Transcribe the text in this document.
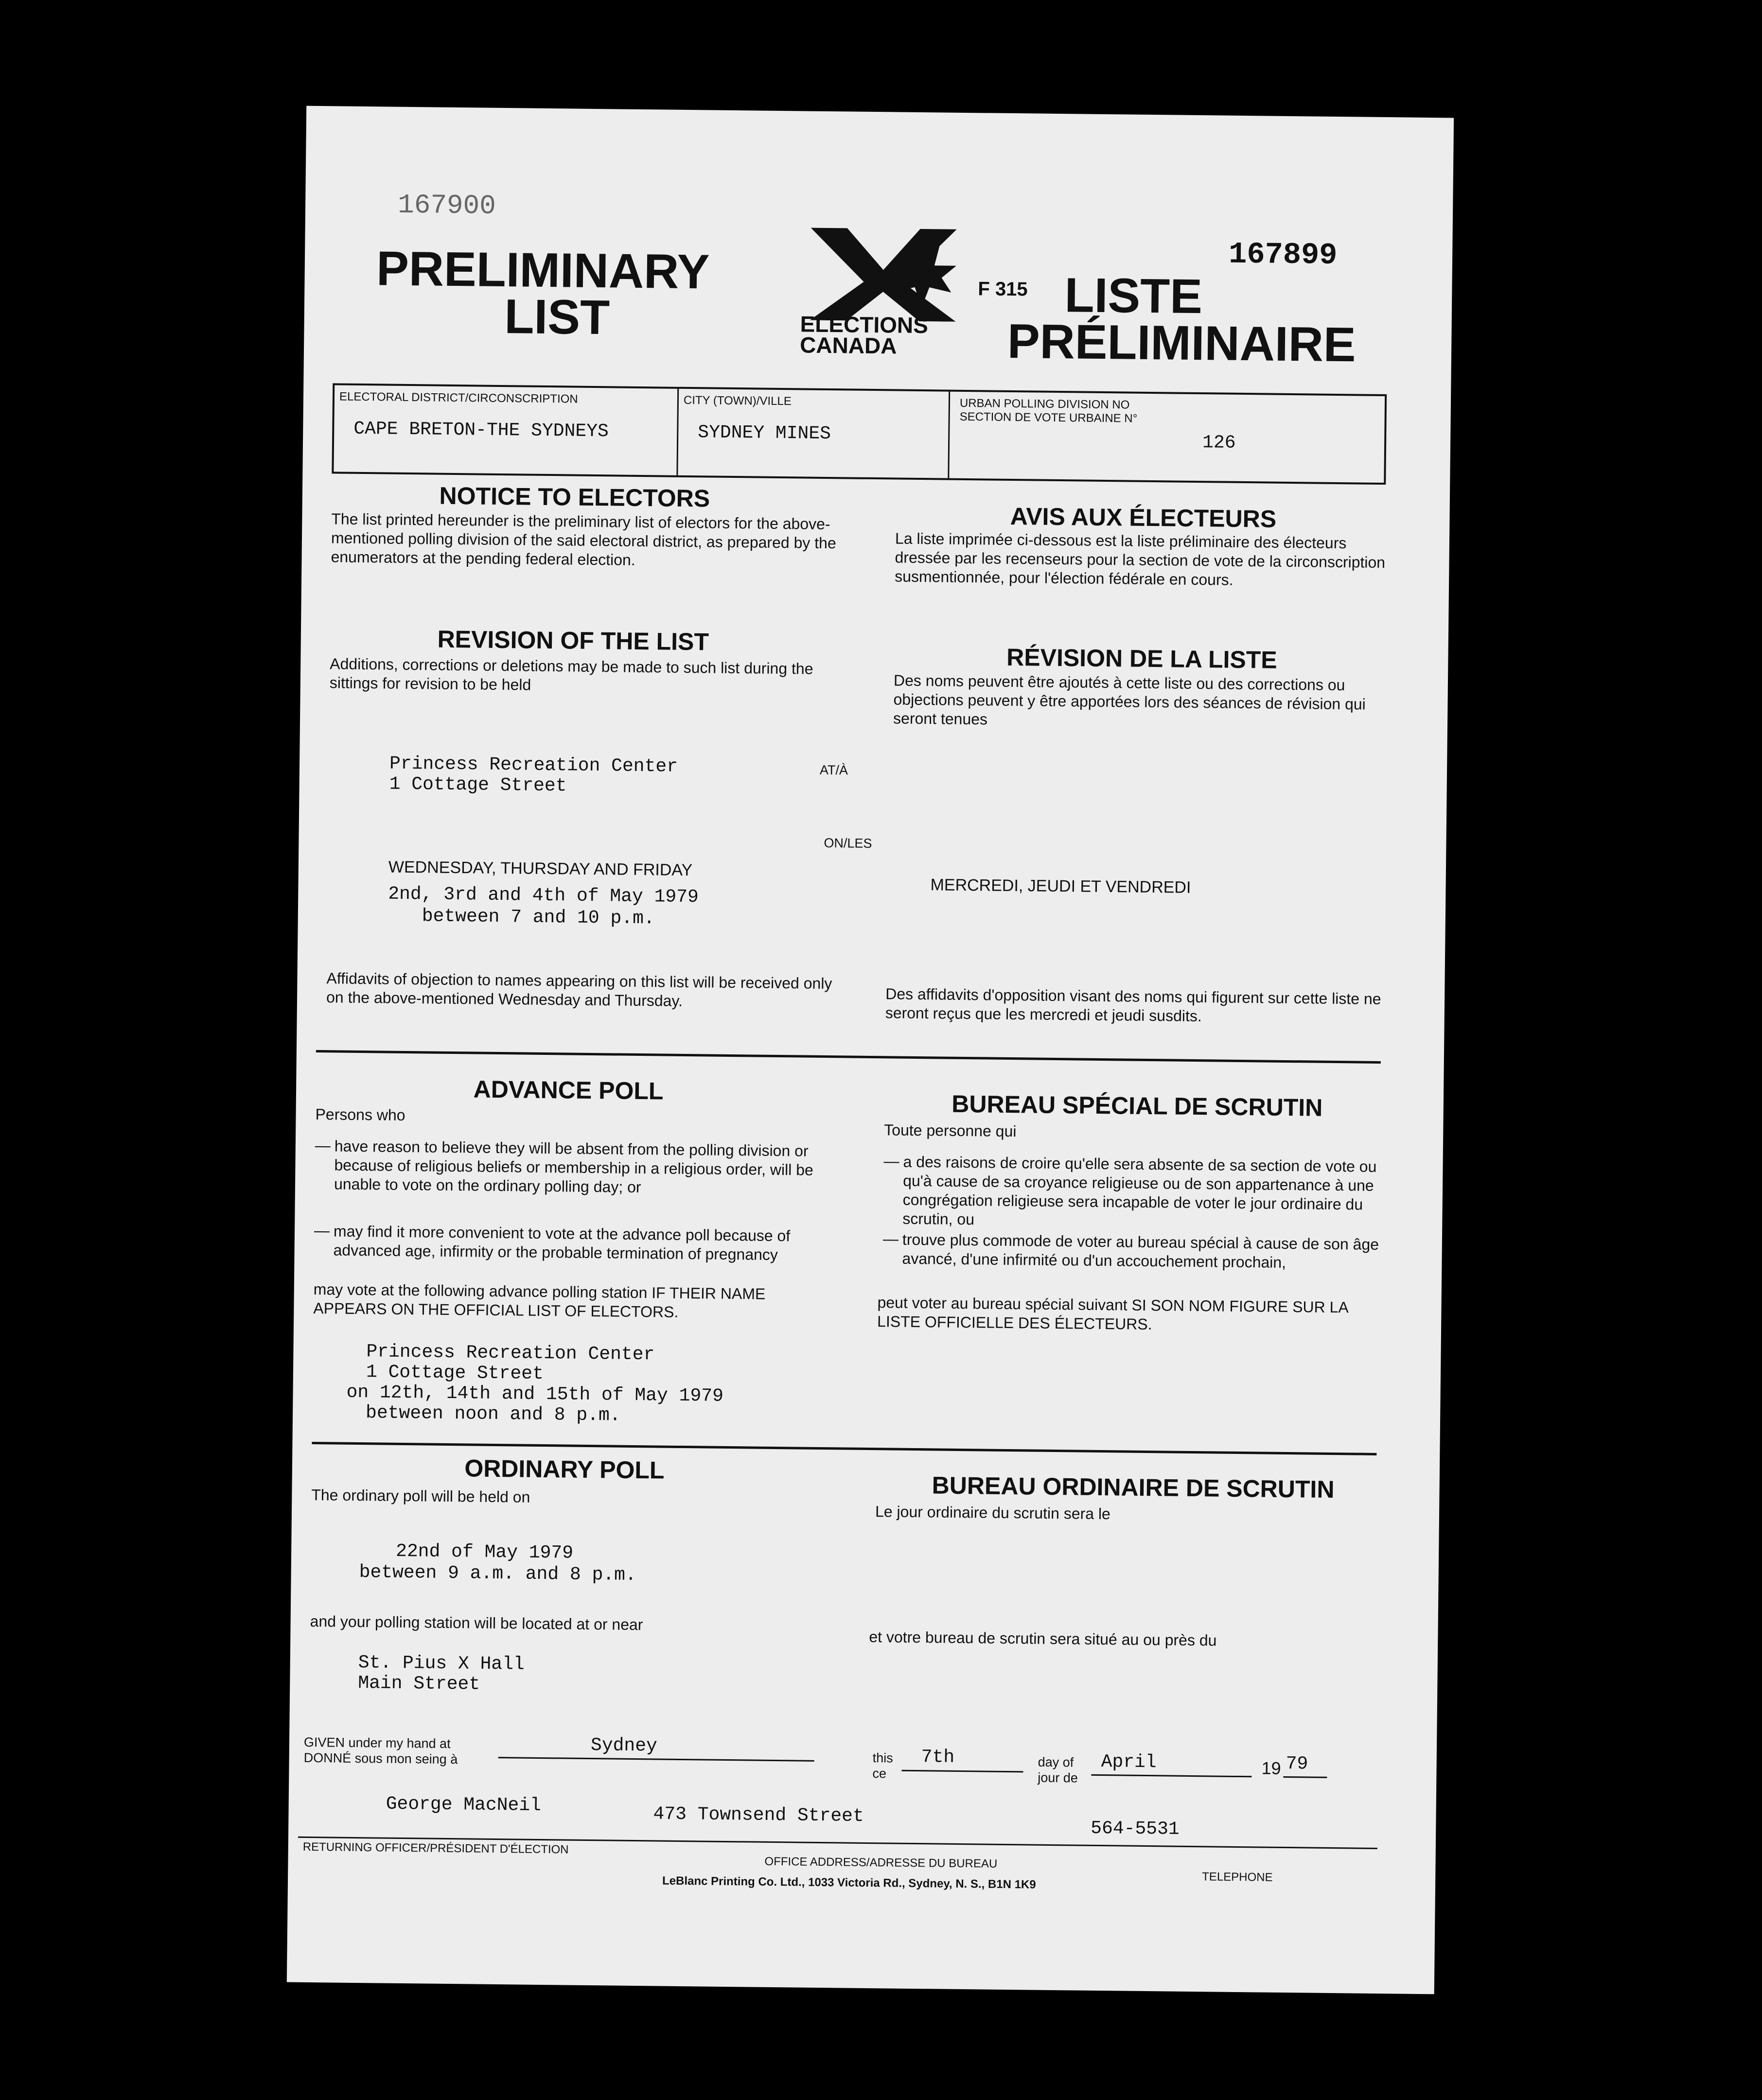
167900
167899
PRELIMINARY
LIST	ELECTIONS
CANADA
F 315 LISTE
PRÉLIMINAIRE
ELECTORAL DISTRICT/CIRCONSCRIPTION
CAPE BRETON-THE SYDNEYS
CITY (TOWN)/VILLE
SYDNEY MINES
URBAN POLLING DIVISION NO
SECTION DE VOTE URBAINE N°
126
NOTICE TO ELECTORS
The list printed hereunder is the preliminary list of electors for the above-mentioned polling division of the said electoral district, as prepared by the enumerators at the pending federal election.
AVIS AUX ÉLECTEURS
La liste imprimée ci-dessous est la liste préliminaire des électeurs dressée par les recenseurs pour la section de vote de la circonscription susmentionnée, pour l'élection fédérale en cours.
REVISION OF THE LIST
Additions, corrections or deletions may be made to such list during the sittings for revision to be held
RÉVISION DE LA LISTE
Des noms peuvent être ajoutés à cette liste ou des corrections ou objections peuvent y être apportées lors des séances de révision qui seront tenues
Princess Recreation Center
1 Cottage Street
AT/À
ON/LES
WEDNESDAY, THURSDAY AND FRIDAY
MERCREDI, JEUDI ET VENDREDI
2nd, 3rd and 4th of May 1979
between 7 and 10 p.m.
Affidavits of objection to names appearing on this list will be received only on the above-mentioned Wednesday and Thursday.	Des affidavits d'opposition visant des noms qui figurent sur cette liste ne seront reçus que les mercredi et jeudi susdits.
ADVANCE POLL
BUREAU SPÉCIAL DE SCRUTIN
Persons who
— have reason to believe they will be absent from the polling division or because of religious beliefs or membership in a religious order, will be unable to vote on the ordinary polling day; or
— may find it more convenient to vote at the advance poll because of advanced age, infirmity or the probable termination of pregnancy
may vote at the following advance polling station IF THEIR NAME APPEARS ON THE OFFICIAL LIST OF ELECTORS.
Toute personne qui
— a des raisons de croire qu'elle sera absente de sa section de vote ou qu'à cause de sa croyance religieuse ou de son appartenance à une congrégation religieuse sera incapable de voter le jour ordinaire du scrutin, ou
— trouve plus commode de voter au bureau spécial à cause de son âge avancé, d'une infirmité ou d'un accouchement prochain,
peut voter au bureau spécial suivant SI SON NOM FIGURE SUR LA LISTE OFFICIELLE DES ÉLECTEURS.
Princess Recreation Center
1 Cottage Street
on 12th, 14th and 15th of May 1979
between noon and 8 p.m.
ORDINARY POLL
BUREAU ORDINAIRE DE SCRUTIN
The ordinary poll will be held on
Le jour ordinaire du scrutin sera le
22nd of May 1979
between 9 a.m. and 8 p.m.
and your polling station will be located at or near
et votre bureau de scrutin sera situé au ou près du
St. Pius X Hall
Main Street
GIVEN under my hand at
DONNÉ sous mon seing à
Sydney
this
ce
7th	day of
jour de
April	19 79
George MacNeil	473 Townsend Street
564-5531
RETURNING OFFICER/PRÉSIDENT D'ÉLECTION
OFFICE ADDRESS/ADRESSE DU BUREAU
TELEPHONE
LeBlanc Printing Co. Ltd., 1033 Victoria Rd., Sydney, N. S., B1N 1K9
